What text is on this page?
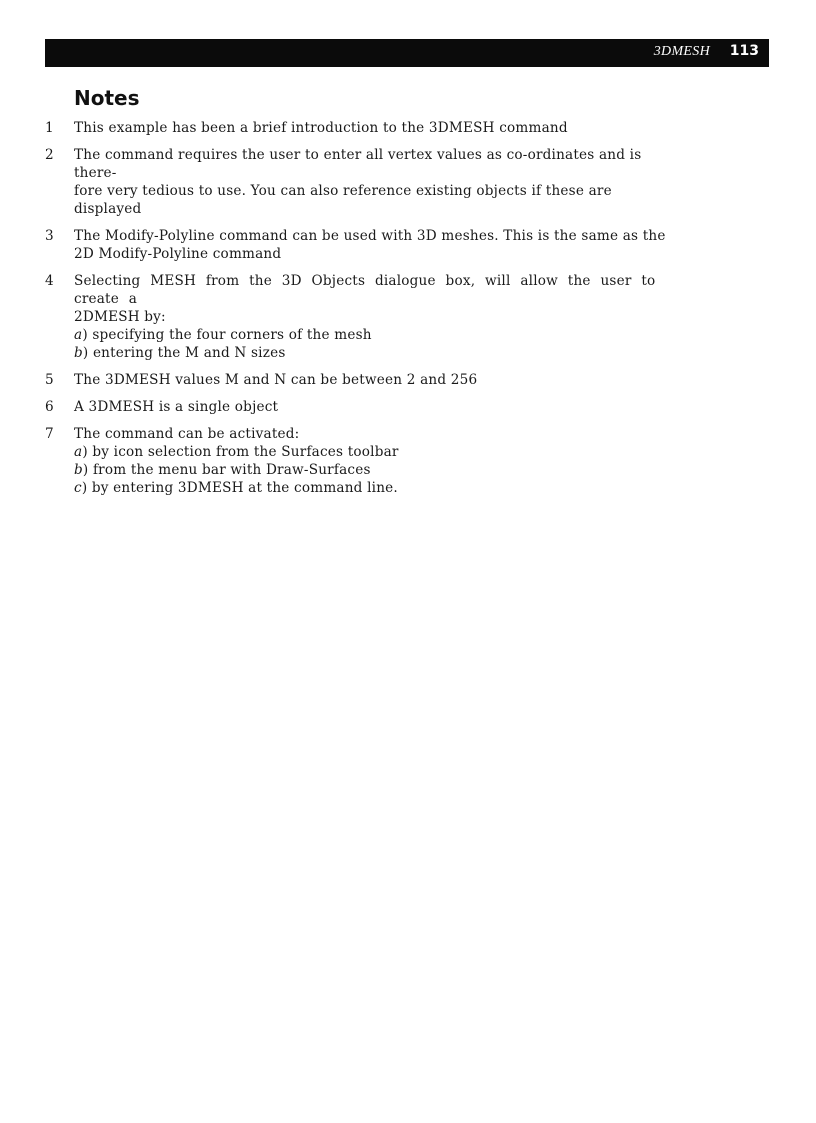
3DMESH 113
Notes
1	This example has been a brief introduction to the 3DMESH command
2	The command requires the user to enter all vertex values as co-ordinates and is there-
fore very tedious to use. You can also reference existing objects if these are displayed
3	The Modify-Polyline command can be used with 3D meshes. This is the same as the
2D Modify-Polyline command
4	Selecting MESH from the 3D Objects dialogue box, will allow the user to create a
2DMESH by:
a) specifying the four corners of the mesh
b) entering the M and N sizes
5	The 3DMESH values M and N can be between 2 and 256
6	A 3DMESH is a single object
7	The command can be activated:
a) by icon selection from the Surfaces toolbar
b) from the menu bar with Draw-Surfaces
c) by entering 3DMESH at the command line.
